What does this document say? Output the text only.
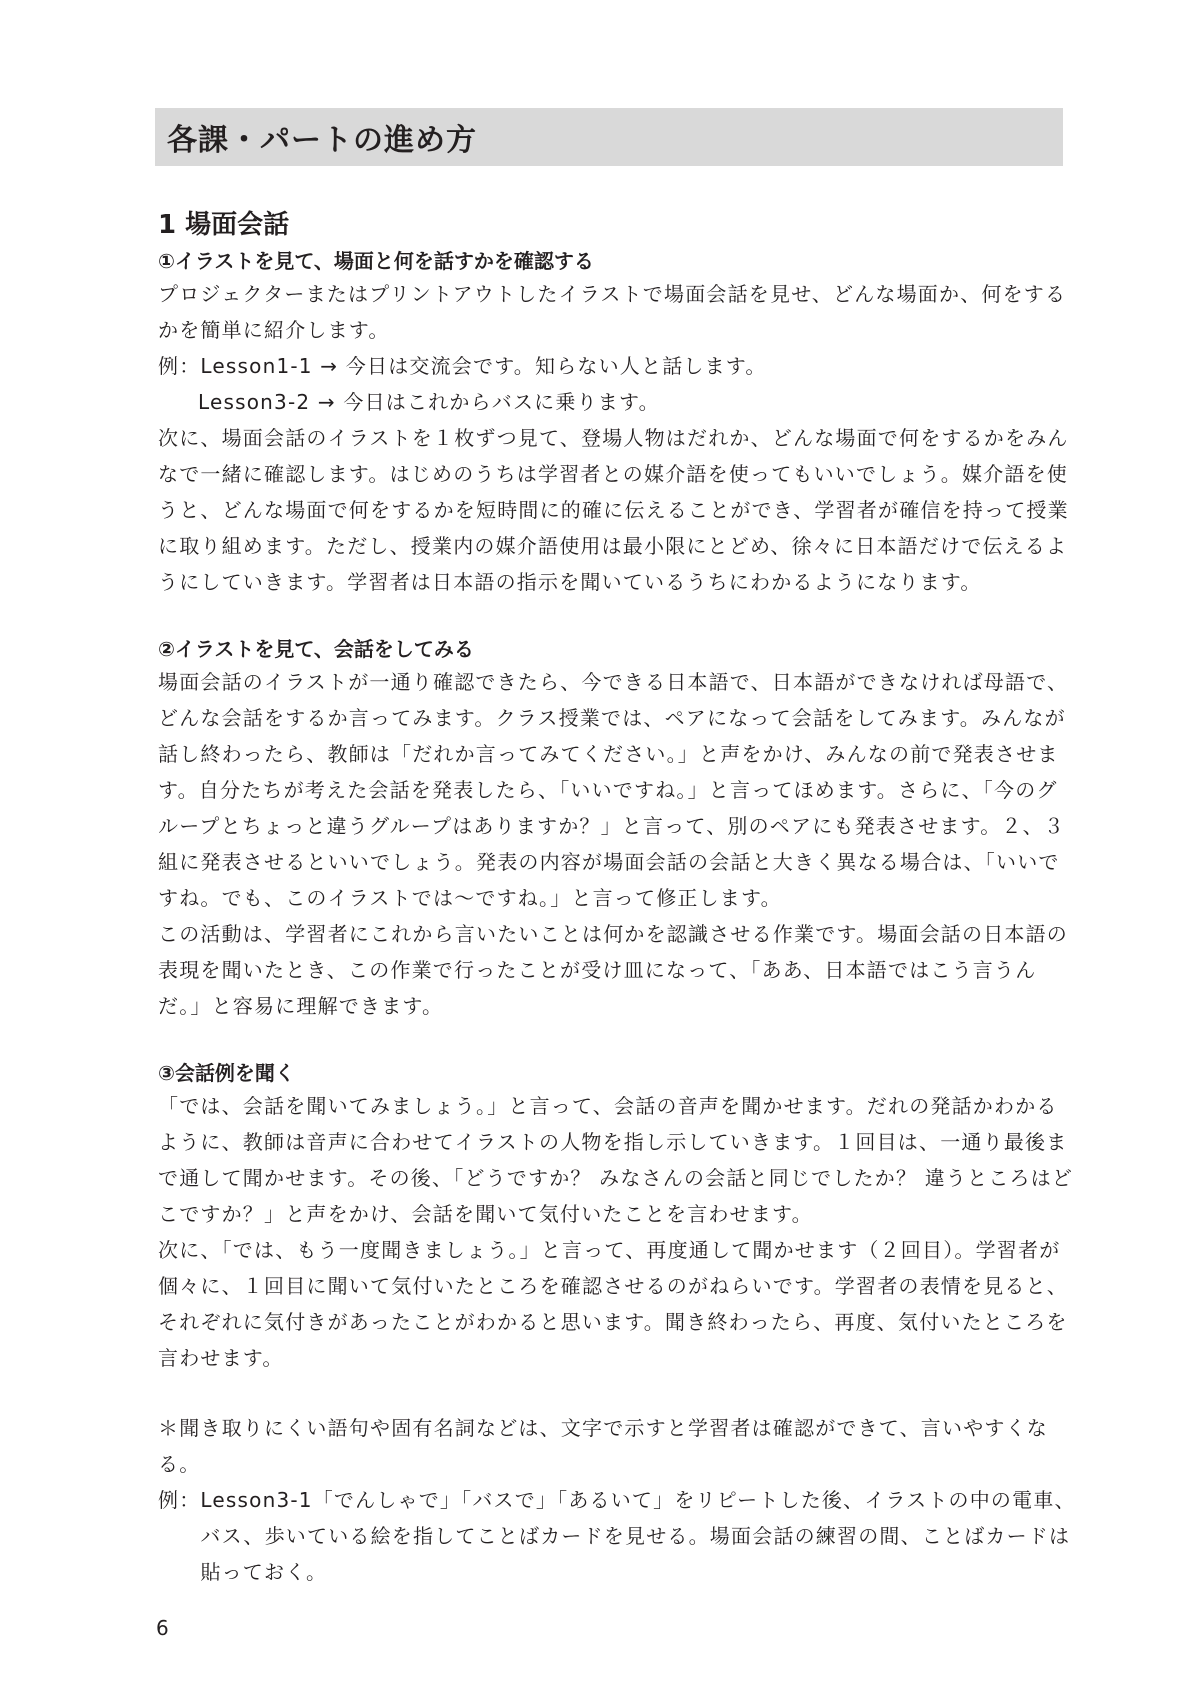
各課・パートの進め方
1 場面会話

①イラストを見て、場面と何を話すかを確認する

プロジェクターまたはプリントアウトしたイラストで場面会話を見せ、どんな場面か、何をするかを簡単に紹介します。

例： Lesson1-1 → 今日は交流会です。知らない人と話します。

Lesson3-2 → 今日はこれからバスに乗ります。

次に、場面会話のイラストを１枚ずつ見て、登場人物はだれか、どんな場面で何をするかをみんなで一緒に確認します。はじめのうちは学習者との媒介語を使ってもいいでしょう。媒介語を使うと、どんな場面で何をするかを短時間に的確に伝えることができ、学習者が確信を持って授業に取り組めます。ただし、授業内の媒介語使用は最小限にとどめ、徐々に日本語だけで伝えるようにしていきます。学習者は日本語の指示を聞いているうちにわかるようになります。

②イラストを見て、会話をしてみる

場面会話のイラストが一通り確認できたら、今できる日本語で、日本語ができなければ母語で、どんな会話をするか言ってみます。クラス授業では、ペアになって会話をしてみます。みんなが話し終わったら、教師は「だれか言ってみてください。」と声をかけ、みんなの前で発表させます。自分たちが考えた会話を発表したら、「いいですね。」と言ってほめます。さらに、「今のグループとちょっと違うグループはありますか？」と言って、別のペアにも発表させます。２、３組に発表させるといいでしょう。発表の内容が場面会話の会話と大きく異なる場合は、「いいですね。でも、このイラストでは～ですね。」と言って修正します。

この活動は、学習者にこれから言いたいことは何かを認識させる作業です。場面会話の日本語の表現を聞いたとき、この作業で行ったことが受け皿になって、「ああ、日本語ではこう言うんだ。」と容易に理解できます。

③会話例を聞く

「では、会話を聞いてみましょう。」と言って、会話の音声を聞かせます。だれの発話かわかるように、教師は音声に合わせてイラストの人物を指し示していきます。１回目は、一通り最後まで通して聞かせます。その後、「どうですか？ みなさんの会話と同じでしたか？ 違うところはどこですか？」と声をかけ、会話を聞いて気付いたことを言わせます。

次に、「では、もう一度聞きましょう。」と言って、再度通して聞かせます（２回目）。学習者が個々に、１回目に聞いて気付いたところを確認させるのがねらいです。学習者の表情を見ると、それぞれに気付きがあったことがわかると思います。聞き終わったら、再度、気付いたところを言わせます。

＊聞き取りにくい語句や固有名詞などは、文字で示すと学習者は確認ができて、言いやすくなる。

例： Lesson3-1「でんしゃで」「バスで」「あるいて」をリピートした後、イラストの中の電車、バス、歩いている絵を指してことばカードを見せる。場面会話の練習の間、ことばカードは貼っておく。
6
